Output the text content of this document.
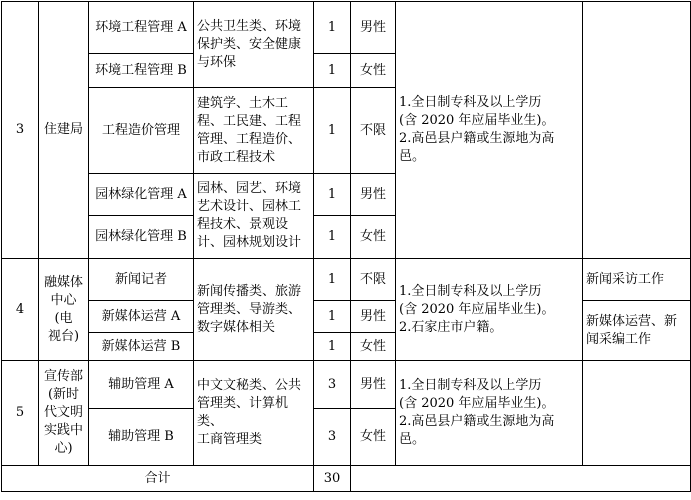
3	住建局	环境工程管理 A	公共卫生类、环境
保护类、安全健康
与环保	1	男性	1.全日制专科及以上学历
(含 2020 年应届毕业生)。
2.高邑县户籍或生源地为高邑。	
		环境工程管理 B		1	女性		
		工程造价管理	建筑学、土木工
程、工民建、工程
管理、工程造价、
市政工程技术	1	不限		
		园林绿化管理 A	园林、园艺、环境
艺术设计、园林工
程技术、景观设
计、园林规划设计	1	男性		
		园林绿化管理 B		1	女性		
4	融媒体
中心(电
视台)	新闻记者	新闻传播类、旅游
管理类、导游类、
数字媒体相关	1	不限	1.全日制专科及以上学历
(含 2020 年应届毕业生)。
2.石家庄市户籍。	新闻采访工作
		新媒体运营 A		1	男性		新媒体运营、新
闻采编工作
		新媒体运营 B		1	女性		
5	宣传部
(新时
代文明
实践中
心)	辅助管理 A	中文文秘类、公共
管理类、计算机类、
工商管理类	3	男性	1.全日制专科及以上学历
(含 2020 年应届毕业生)。
2.高邑县户籍或生源地为高邑。	
		辅助管理 B		3	女性		
合计				30			
